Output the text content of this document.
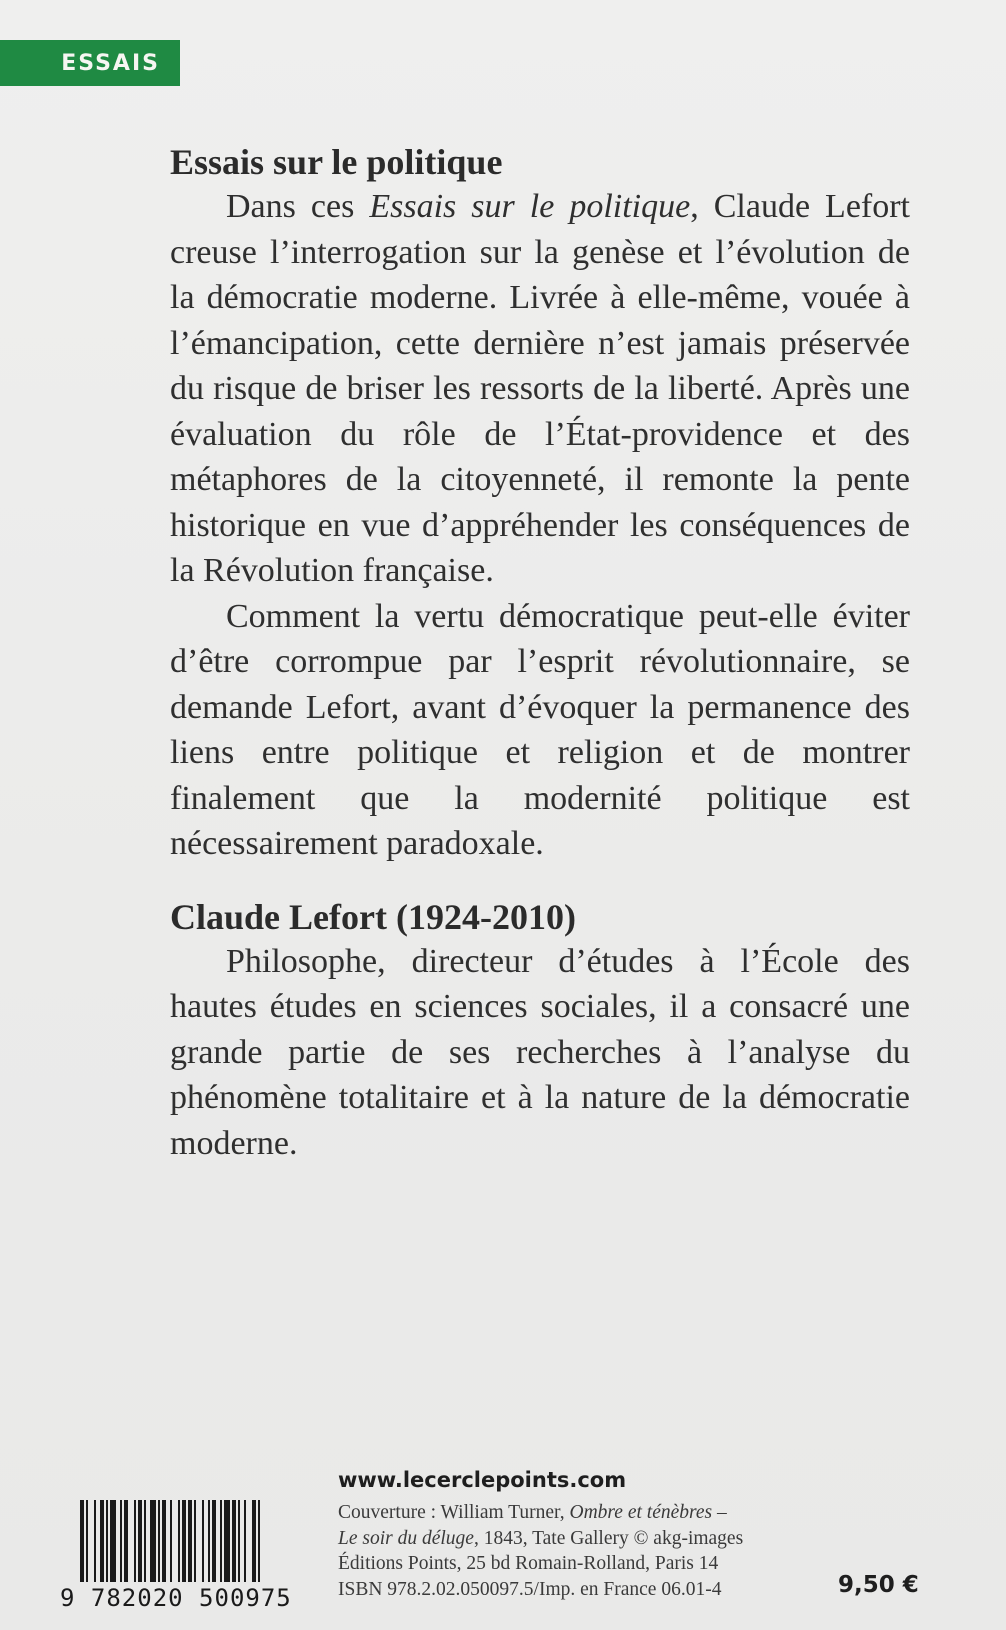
ESSAIS
Essais sur le politique

Dans ces Essais sur le politique, Claude Lefort creuse l’interrogation sur la genèse et l’évolution de la démocratie moderne. Livrée à elle-même, vouée à l’émancipation, cette dernière n’est jamais préservée du risque de briser les ressorts de la liberté. Après une évaluation du rôle de l’État-providence et des métaphores de la citoyenneté, il remonte la pente historique en vue d’appréhender les conséquences de la Révolution française.

Comment la vertu démocratique peut-elle éviter d’être corrompue par l’esprit révolutionnaire, se demande Lefort, avant d’évoquer la permanence des liens entre politique et religion et de montrer finalement que la modernité politique est nécessairement paradoxale.

Claude Lefort (1924-2010)

Philosophe, directeur d’études à l’École des hautes études en sciences sociales, il a consacré une grande partie de ses recherches à l’analyse du phénomène totalitaire et à la nature de la démocratie moderne.

9 782020 500975
www.lecerclepoints.com
Couverture : William Turner, Ombre et ténèbres –
Le soir du déluge, 1843, Tate Gallery © akg-images
Éditions Points, 25 bd Romain-Rolland, Paris 14
ISBN 978.2.02.050097.5/Imp. en France 06.01-4	9,50 €
